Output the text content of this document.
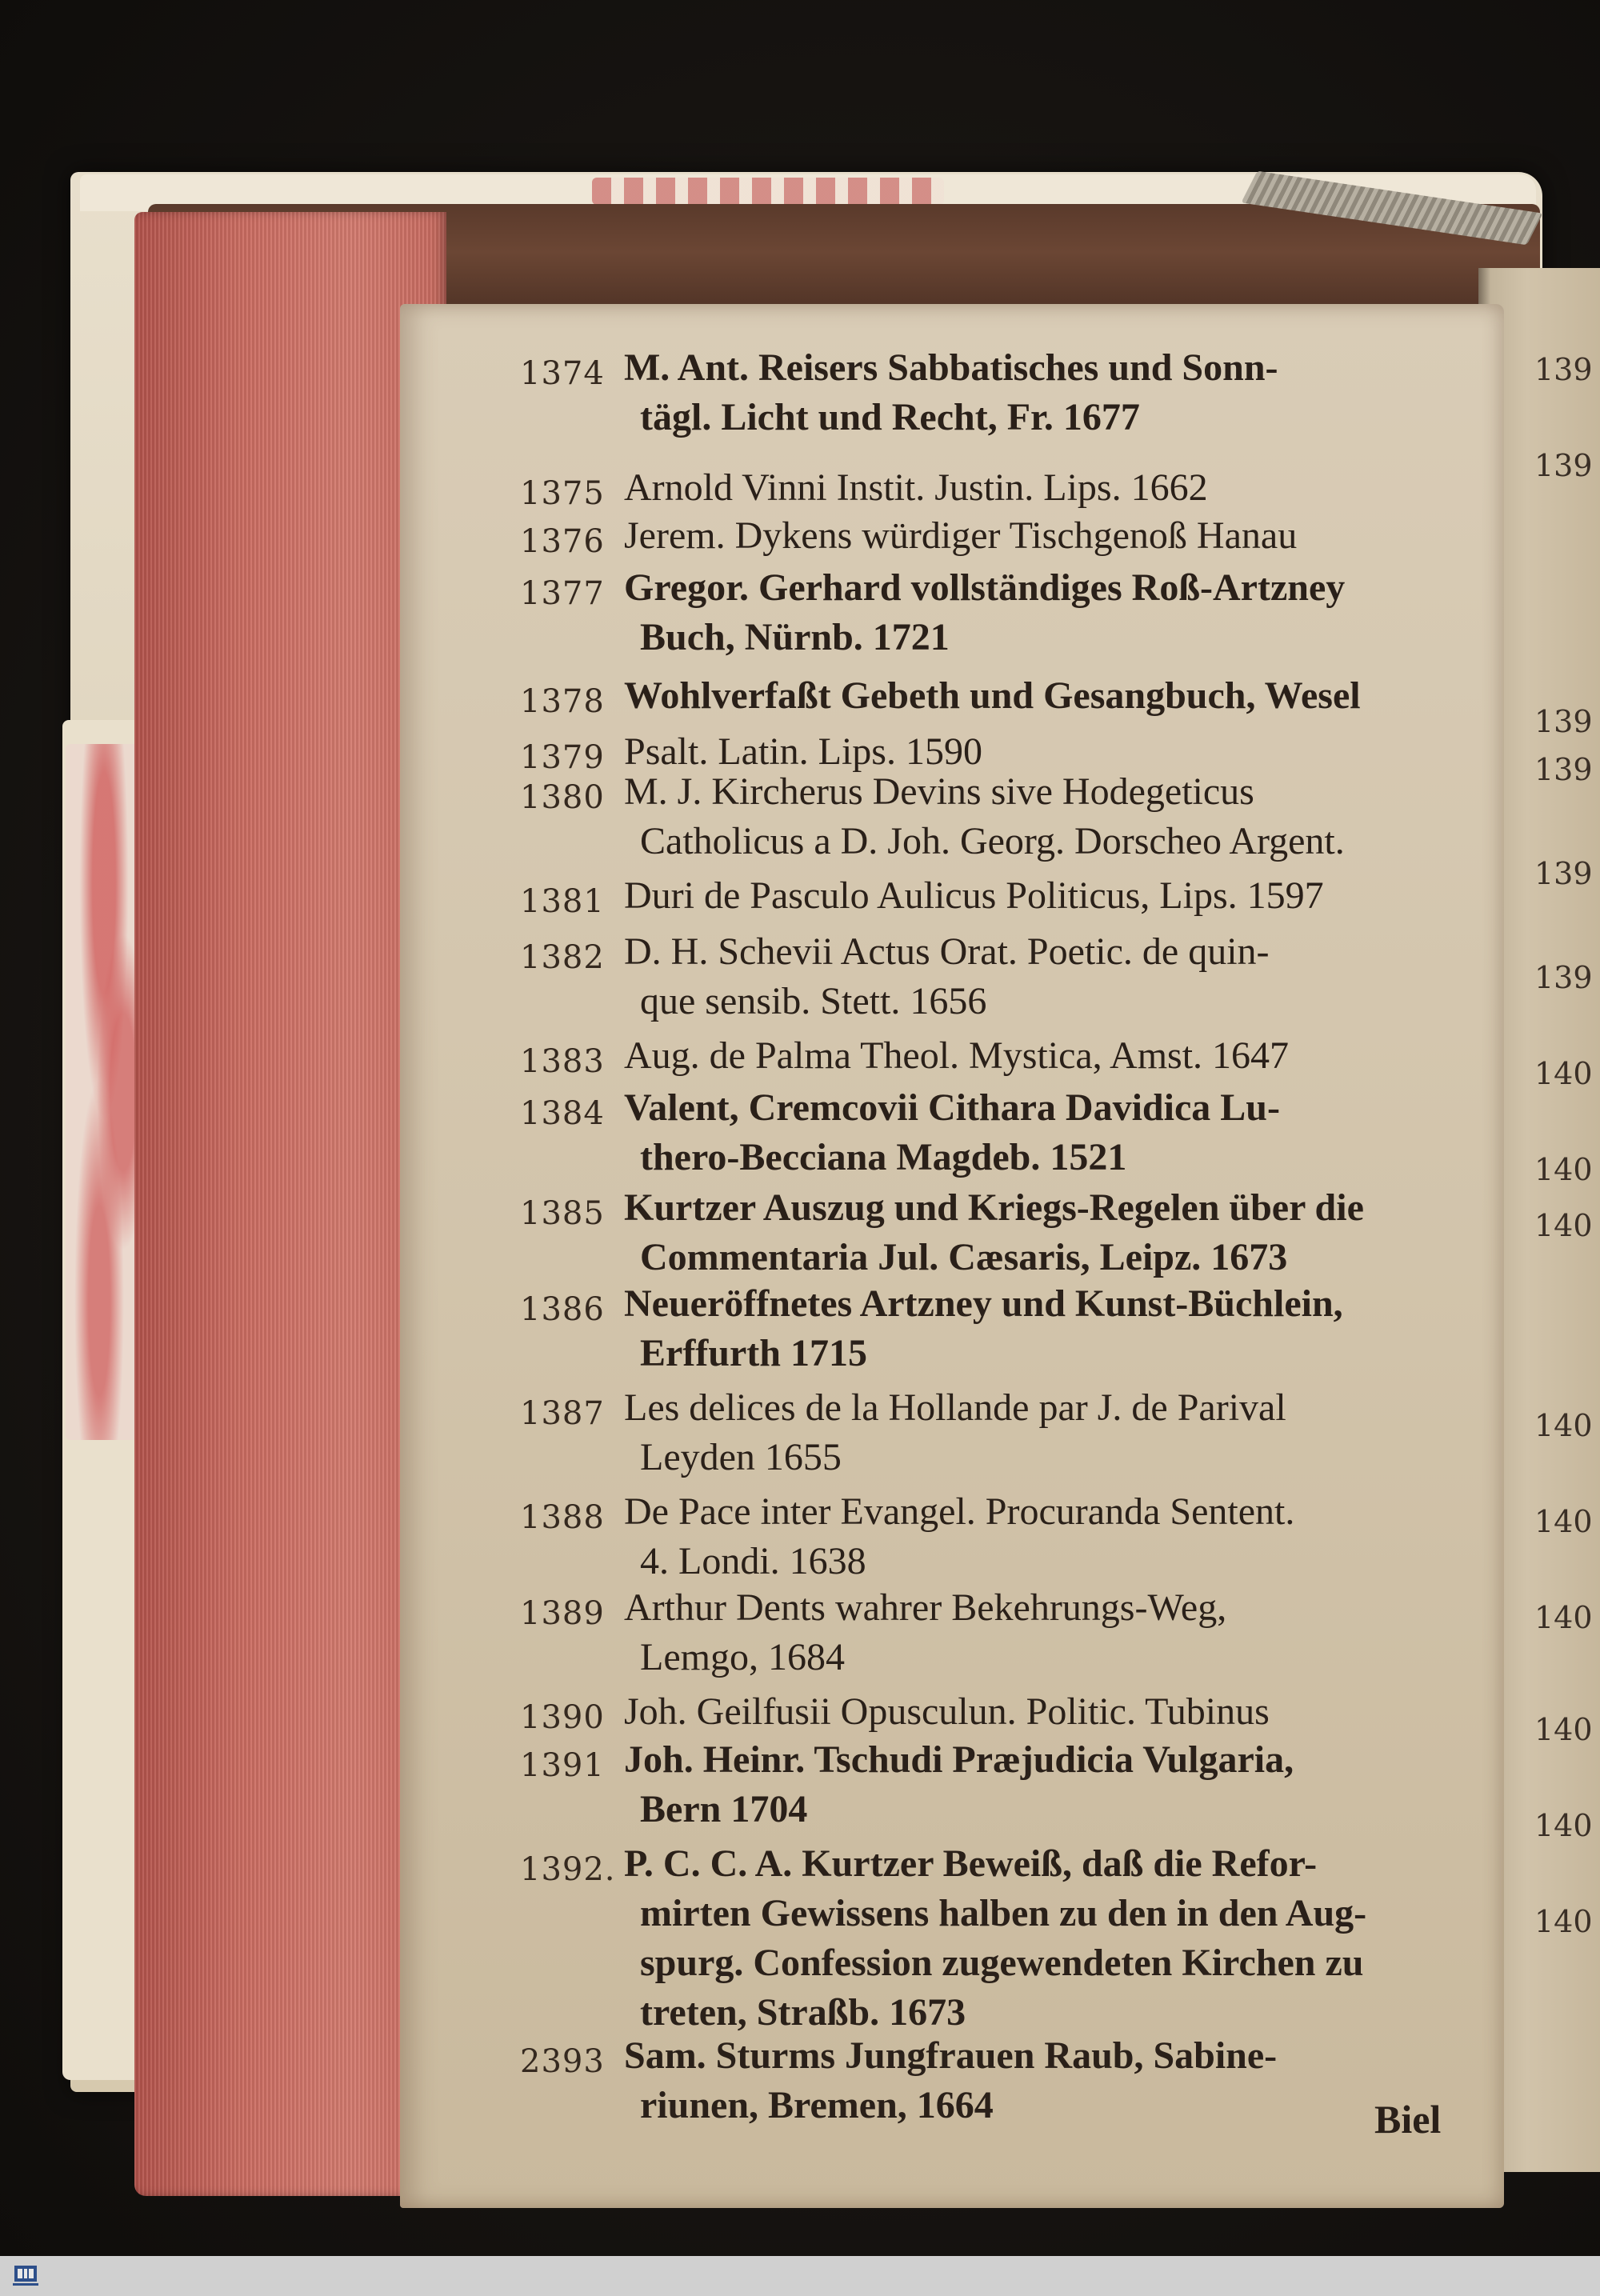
139
139
139
139
139
139
140
140
140
140
140
140
140
140
140
1374 M. Ant. Reisers Sabbatisches und Sonn-
tägl. Licht und Recht, Fr. 1677
1375 Arnold Vinni Instit. Justin. Lips. 1662
1376 Jerem. Dykens würdiger Tischgenoß Hanau
1377 Gregor. Gerhard vollständiges Roß-Artzney
Buch, Nürnb. 1721
1378 Wohlverfaßt Gebeth und Gesangbuch, Wesel
1379 Psalt. Latin. Lips. 1590
1380 M. J. Kircherus Devins sive Hodegeticus
Catholicus a D. Joh. Georg. Dorscheo Argent.
1381 Duri de Pasculo Aulicus Politicus, Lips. 1597
1382 D. H. Schevii Actus Orat. Poetic. de quin-
que sensib. Stett. 1656
1383 Aug. de Palma Theol. Mystica, Amst. 1647
1384 Valent, Cremcovii Cithara Davidica Lu-
thero-Becciana Magdeb. 1521
1385 Kurtzer Auszug und Kriegs-Regelen über die
Commentaria Jul. Cæsaris, Leipz. 1673
1386 Neueröffnetes Artzney und Kunst-Büchlein,
Erffurth 1715
1387 Les delices de la Hollande par J. de Parival
Leyden 1655
1388 De Pace inter Evangel. Procuranda Sentent.
4. Londi. 1638
1389 Arthur Dents wahrer Bekehrungs-Weg,
Lemgo, 1684
1390 Joh. Geilfusii Opusculun. Politic. Tubinus
1391 Joh. Heinr. Tschudi Præjudicia Vulgaria,
Bern 1704
1392. P. C. C. A. Kurtzer Beweiß, daß die Refor-
mirten Gewissens halben zu den in den Aug-
spurg. Confession zugewendeten Kirchen zu
treten, Straßb. 1673
2393 Sam. Sturms Jungfrauen Raub, Sabine-
riunen, Bremen, 1664	Biel
